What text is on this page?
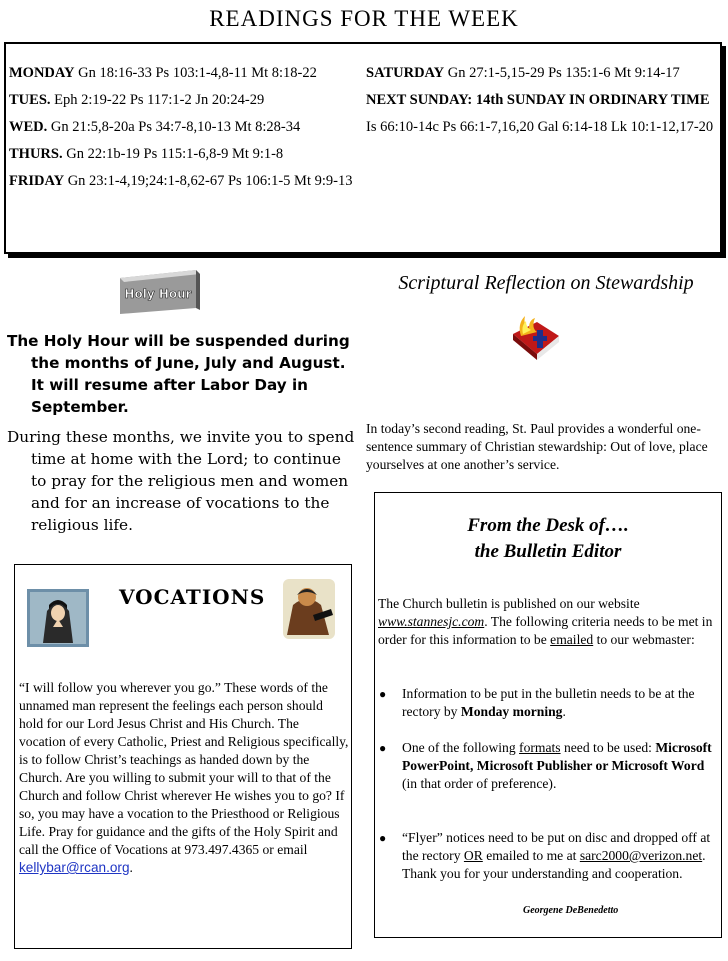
READINGS FOR THE WEEK
MONDAY Gn 18:16-33 Ps 103:1-4,8-11 Mt 8:18-22
TUES. Eph 2:19-22 Ps 117:1-2 Jn 20:24-29
WED. Gn 21:5,8-20a Ps 34:7-8,10-13 Mt 8:28-34
THURS. Gn 22:1b-19 Ps 115:1-6,8-9 Mt 9:1-8
FRIDAY Gn 23:1-4,19;24:1-8,62-67 Ps 106:1-5 Mt 9:9-13
SATURDAY Gn 27:1-5,15-29 Ps 135:1-6 Mt 9:14-17
NEXT SUNDAY: 14th SUNDAY IN ORDINARY TIME
Is 66:10-14c Ps 66:1-7,16,20 Gal 6:14-18 Lk 10:1-12,17-20
Holy Hour

The Holy Hour will be suspended during the months of June, July and August. It will resume after Labor Day in September.

During these months, we invite you to spend time at home with the Lord; to continue to pray for the religious men and women and for an increase of vocations to the religious life.

VOCATIONS
“I will follow you wherever you go.” These words of the unnamed man represent the feelings each person should hold for our Lord Jesus Christ and His Church. The vocation of every Catholic, Priest and Religious specifically, is to follow Christ’s teachings as handed down by the Church. Are you willing to submit your will to that of the Church and follow Christ wherever He wishes you to go? If so, you may have a vocation to the Priesthood or Religious Life. Pray for guidance and the gifts of the Holy Spirit and call the Office of Vocations at 973.497.4365 or email kellybar@rcan.org.
Scriptural Reflection on Stewardship
In today’s second reading, St. Paul provides a wonderful one-sentence summary of Christian stewardship: Out of love, place yourselves at one another’s service.
From the Desk of….
the Bulletin Editor
The Church bulletin is published on our website www.stannesjc.com. The following criteria needs to be met in order for this information to be emailed to our webmaster:
● Information to be put in the bulletin needs to be at the rectory by Monday morning.
● One of the following formats need to be used: Microsoft PowerPoint, Microsoft Publisher or Microsoft Word (in that order of preference).
● “Flyer” notices need to be put on disc and dropped off at the rectory OR emailed to me at sarc2000@verizon.net.
Thank you for your understanding and cooperation.
Georgene DeBenedetto
